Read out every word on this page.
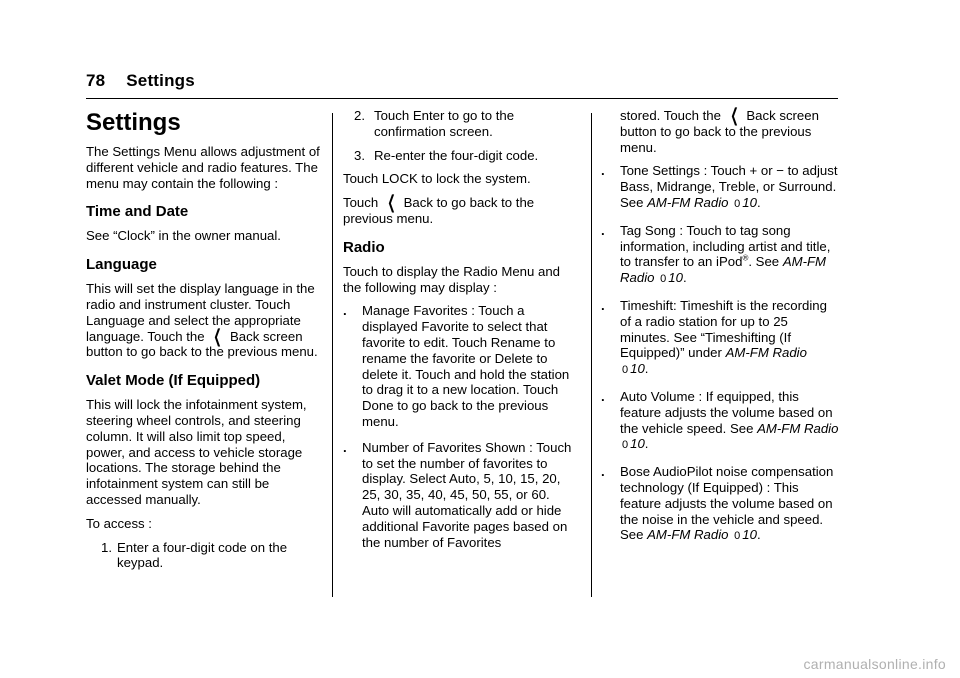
78 Settings
Settings

The Settings Menu allows adjustment of different vehicle and radio features. The menu may contain the following :

Time and Date

See “Clock” in the owner manual.

Language

This will set the display language in the radio and instrument cluster. Touch Language and select the appropriate language. Touch the ❮ Back screen button to go back to the previous menu.

Valet Mode (If Equipped)

This will lock the infotainment system, steering wheel controls, and steering column. It will also limit top speed, power, and access to vehicle storage locations. The storage behind the infotainment system can still be accessed manually.

To access :

1. Enter a four-digit code on the keypad.
2. Touch Enter to go to the confirmation screen.
3. Re-enter the four-digit code.

Touch LOCK to lock the system.

Touch ❮ Back to go back to the previous menu.

Radio

Touch to display the Radio Menu and the following may display :

.	Manage Favorites : Touch a displayed Favorite to select that favorite to edit. Touch Rename to rename the favorite or Delete to delete it. Touch and hold the station to drag it to a new location. Touch Done to go back to the previous menu.
.	Number of Favorites Shown : Touch to set the number of favorites to display. Select Auto, 5, 10, 15, 20, 25, 30, 35, 40, 45, 50, 55, or 60. Auto will automatically add or hide additional Favorite pages based on the number of Favorites

stored. Touch the ❮ Back screen button to go back to the previous menu.

.	Tone Settings : Touch + or − to adjust Bass, Midrange, Treble, or Surround. See AM-FM Radio 0 10.
.	Tag Song : Touch to tag song information, including artist and title, to transfer to an iPod®. See AM-FM Radio 0 10.
.	Timeshift: Timeshift is the recording of a radio station for up to 25 minutes. See “Timeshifting (If Equipped)” under AM-FM Radio 0 10.
.	Auto Volume : If equipped, this feature adjusts the volume based on the vehicle speed. See AM-FM Radio 0 10.
.	Bose AudioPilot noise compensation technology (If Equipped) : This feature adjusts the volume based on the noise in the vehicle and speed. See AM-FM Radio 0 10.
carmanualsonline.info
